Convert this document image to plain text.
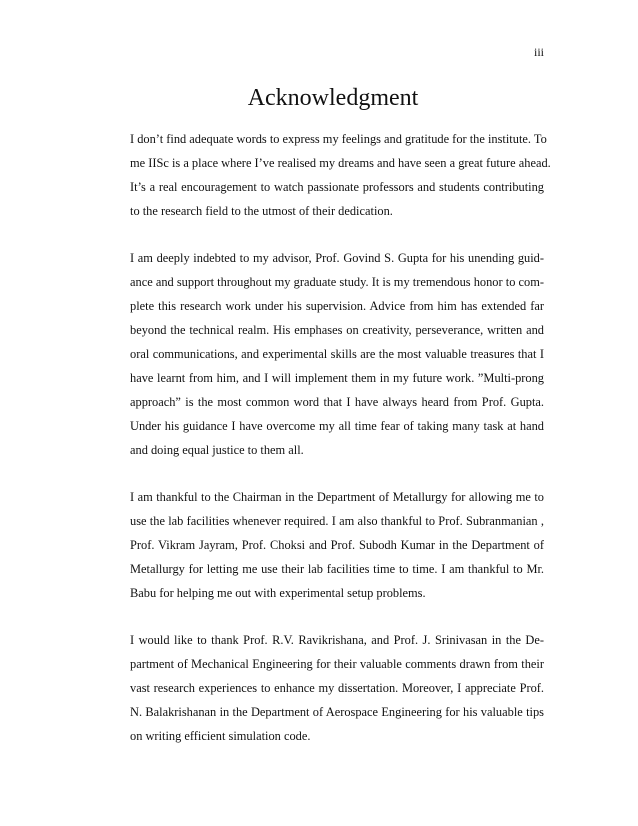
iii
Acknowledgment
I don’t find adequate words to express my feelings and gratitude for the institute. To
me IISc is a place where I’ve realised my dreams and have seen a great future ahead.
It’s a real encouragement to watch passionate professors and students contributing
to the research field to the utmost of their dedication.
I am deeply indebted to my advisor, Prof. Govind S. Gupta for his unending guid-
ance and support throughout my graduate study. It is my tremendous honor to com-
plete this research work under his supervision. Advice from him has extended far
beyond the technical realm. His emphases on creativity, perseverance, written and
oral communications, and experimental skills are the most valuable treasures that I
have learnt from him, and I will implement them in my future work. ”Multi-prong
approach” is the most common word that I have always heard from Prof. Gupta.
Under his guidance I have overcome my all time fear of taking many task at hand
and doing equal justice to them all.
I am thankful to the Chairman in the Department of Metallurgy for allowing me to
use the lab facilities whenever required. I am also thankful to Prof. Subranmanian ,
Prof. Vikram Jayram, Prof. Choksi and Prof. Subodh Kumar in the Department of
Metallurgy for letting me use their lab facilities time to time. I am thankful to Mr.
Babu for helping me out with experimental setup problems.
I would like to thank Prof. R.V. Ravikrishana, and Prof. J. Srinivasan in the De-
partment of Mechanical Engineering for their valuable comments drawn from their
vast research experiences to enhance my dissertation. Moreover, I appreciate Prof.
N. Balakrishanan in the Department of Aerospace Engineering for his valuable tips
on writing efficient simulation code.
